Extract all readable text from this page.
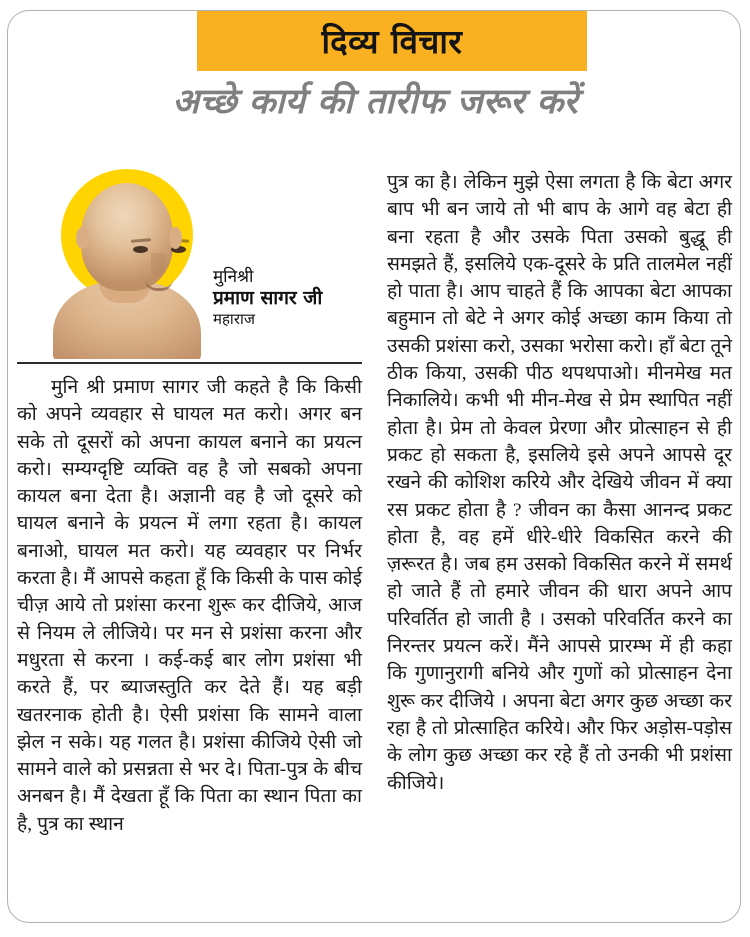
दिव्य विचार
अच्छे कार्य की तारीफ जरूर करें
मुनिश्री
प्रमाण सागर जी
महाराज
मुनि श्री प्रमाण सागर जी कहते है कि किसी को अपने व्यवहार से घायल मत करो। अगर बन सके तो दूसरों को अपना कायल बनाने का प्रयत्न करो। सम्यग्दृष्टि व्यक्ति वह है जो सबको अपना कायल बना देता है। अज्ञानी वह है जो दूसरे को घायल बनाने के प्रयत्न में लगा रहता है। कायल बनाओ, घायल मत करो। यह व्यवहार पर निर्भर करता है। मैं आपसे कहता हूँ कि किसी के पास कोई चीज़ आये तो प्रशंसा करना शुरू कर दीजिये, आज से नियम ले लीजिये। पर मन से प्रशंसा करना और मधुरता से करना । कई-कई बार लोग प्रशंसा भी करते हैं, पर ब्याजस्तुति कर देते हैं। यह बड़ी खतरनाक होती है। ऐसी प्रशंसा कि सामने वाला झेल न सके। यह गलत है। प्रशंसा कीजिये ऐसी जो सामने वाले को प्रसन्नता से भर दे। पिता-पुत्र के बीच अनबन है। मैं देखता हूँ कि पिता का स्थान पिता का है, पुत्र का स्थान
पुत्र का है। लेकिन मुझे ऐसा लगता है कि बेटा अगर बाप भी बन जाये तो भी बाप के आगे वह बेटा ही बना रहता है और उसके पिता उसको बुद्धू ही समझते हैं, इसलिये एक-दूसरे के प्रति तालमेल नहीं हो पाता है। आप चाहते हैं कि आपका बेटा आपका बहुमान तो बेटे ने अगर कोई अच्छा काम किया तो उसकी प्रशंसा करो, उसका भरोसा करो। हाँ बेटा तूने ठीक किया, उसकी पीठ थपथपाओ। मीनमेख मत निकालिये। कभी भी मीन-मेख से प्रेम स्थापित नहीं होता है। प्रेम तो केवल प्रेरणा और प्रोत्साहन से ही प्रकट हो सकता है, इसलिये इसे अपने आपसे दूर रखने की कोशिश करिये और देखिये जीवन में क्या रस प्रकट होता है ? जीवन का कैसा आनन्द प्रकट होता है, वह हमें धीरे-धीरे विकसित करने की ज़रूरत है। जब हम उसको विकसित करने में समर्थ हो जाते हैं तो हमारे जीवन की धारा अपने आप परिवर्तित हो जाती है । उसको परिवर्तित करने का निरन्तर प्रयत्न करें। मैंने आपसे प्रारम्भ में ही कहा कि गुणानुरागी बनिये और गुणों को प्रोत्साहन देना शुरू कर दीजिये । अपना बेटा अगर कुछ अच्छा कर रहा है तो प्रोत्साहित करिये। और फिर अड़ोस-पड़ोस के लोग कुछ अच्छा कर रहे हैं तो उनकी भी प्रशंसा कीजिये।
